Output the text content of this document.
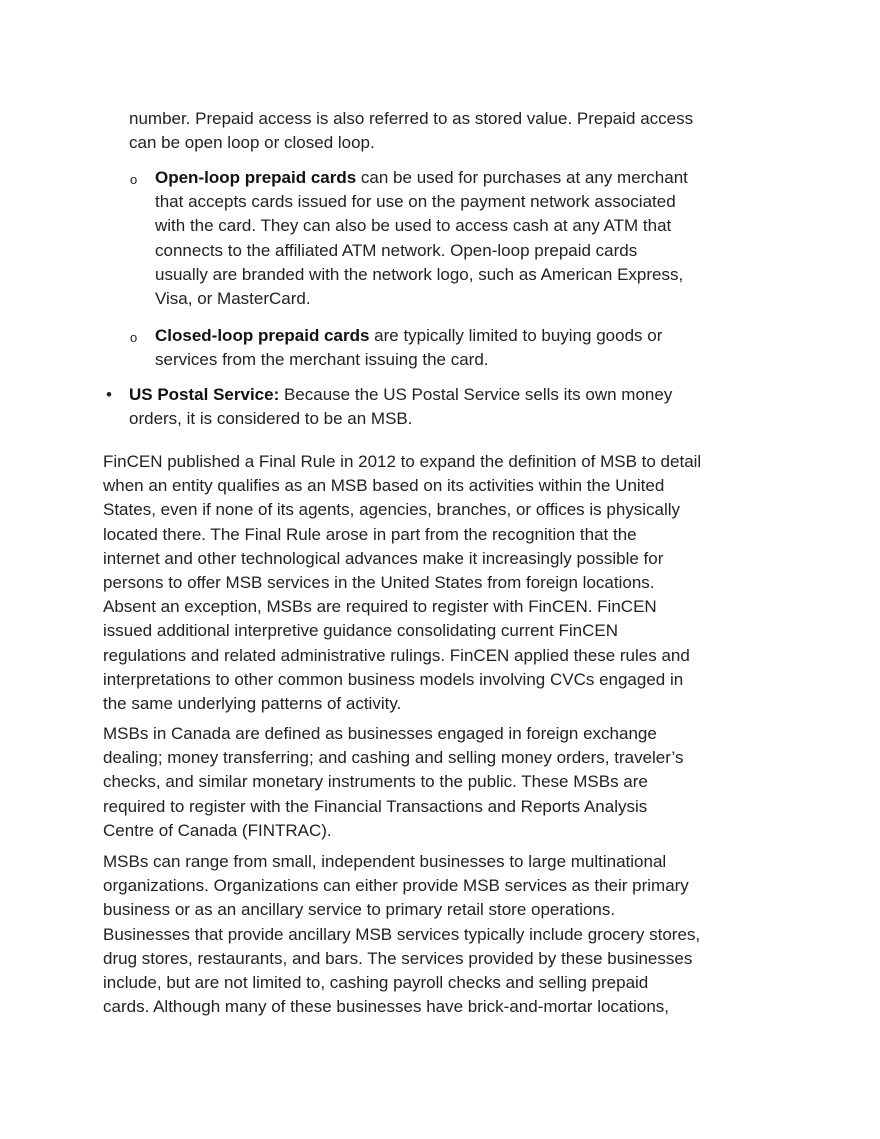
number. Prepaid access is also referred to as stored value. Prepaid access
can be open loop or closed loop.
o Open-loop prepaid cards can be used for purchases at any merchant
that accepts cards issued for use on the payment network associated
with the card. They can also be used to access cash at any ATM that
connects to the affiliated ATM network. Open-loop prepaid cards
usually are branded with the network logo, such as American Express,
Visa, or MasterCard.
o Closed-loop prepaid cards are typically limited to buying goods or
services from the merchant issuing the card.
• US Postal Service: Because the US Postal Service sells its own money
orders, it is considered to be an MSB.
FinCEN published a Final Rule in 2012 to expand the definition of MSB to detail
when an entity qualifies as an MSB based on its activities within the United
States, even if none of its agents, agencies, branches, or offices is physically
located there. The Final Rule arose in part from the recognition that the
internet and other technological advances make it increasingly possible for
persons to offer MSB services in the United States from foreign locations.
Absent an exception, MSBs are required to register with FinCEN. FinCEN
issued additional interpretive guidance consolidating current FinCEN
regulations and related administrative rulings. FinCEN applied these rules and
interpretations to other common business models involving CVCs engaged in
the same underlying patterns of activity.
MSBs in Canada are defined as businesses engaged in foreign exchange
dealing; money transferring; and cashing and selling money orders, traveler’s
checks, and similar monetary instruments to the public. These MSBs are
required to register with the Financial Transactions and Reports Analysis
Centre of Canada (FINTRAC).
MSBs can range from small, independent businesses to large multinational
organizations. Organizations can either provide MSB services as their primary
business or as an ancillary service to primary retail store operations.
Businesses that provide ancillary MSB services typically include grocery stores,
drug stores, restaurants, and bars. The services provided by these businesses
include, but are not limited to, cashing payroll checks and selling prepaid
cards. Although many of these businesses have brick-and-mortar locations,
